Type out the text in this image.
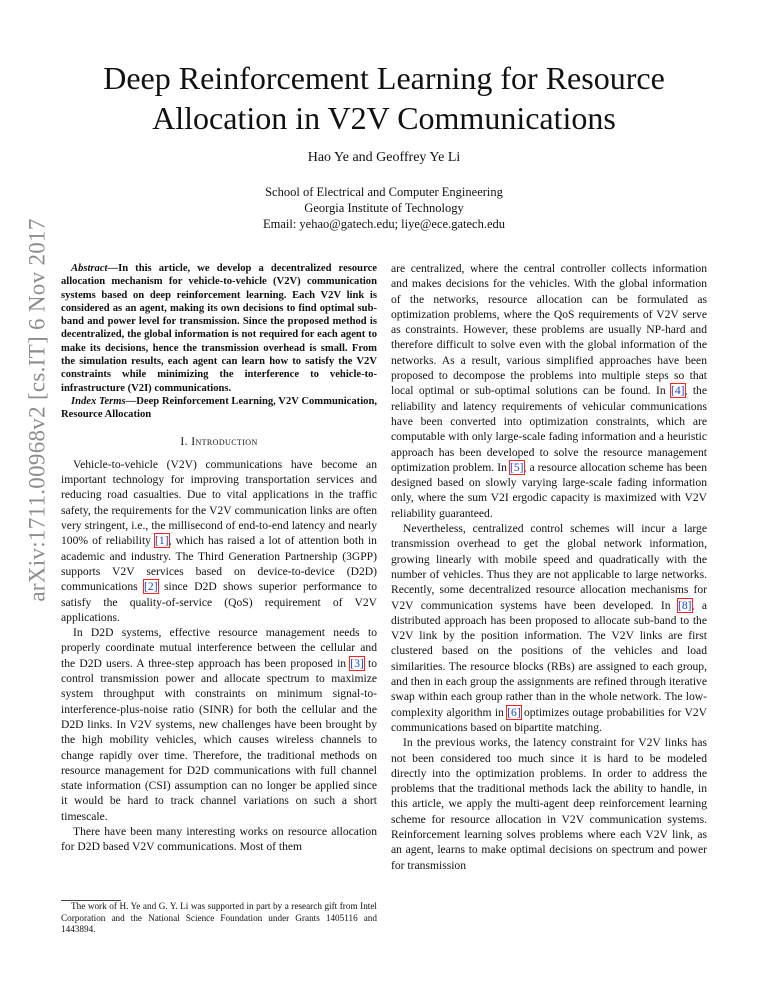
arXiv:1711.00968v2 [cs.IT] 6 Nov 2017
Deep Reinforcement Learning for Resource
Allocation in V2V Communications
Hao Ye and Geoffrey Ye Li
School of Electrical and Computer Engineering
Georgia Institute of Technology
Email: yehao@gatech.edu; liye@ece.gatech.edu

Abstract—In this article, we develop a decentralized resource allocation mechanism for vehicle-to-vehicle (V2V) communication systems based on deep reinforcement learning. Each V2V link is considered as an agent, making its own decisions to find optimal sub-band and power level for transmission. Since the proposed method is decentralized, the global information is not required for each agent to make its decisions, hence the transmission overhead is small. From the simulation results, each agent can learn how to satisfy the V2V constraints while minimizing the interference to vehicle-to-infrastructure (V2I) communications.

Index Terms—Deep Reinforcement Learning, V2V Communication, Resource Allocation

I. Introduction

Vehicle-to-vehicle (V2V) communications have become an important technology for improving transportation services and reducing road casualties. Due to vital applications in the traffic safety, the requirements for the V2V communication links are often very stringent, i.e., the millisecond of end-to-end latency and nearly 100% of reliability [1], which has raised a lot of attention both in academic and industry. The Third Generation Partnership (3GPP) supports V2V services based on device-to-device (D2D) communications [2] since D2D shows superior performance to satisfy the quality-of-service (QoS) requirement of V2V applications.

In D2D systems, effective resource management needs to properly coordinate mutual interference between the cellular and the D2D users. A three-step approach has been proposed in [3] to control transmission power and allocate spectrum to maximize system throughput with constraints on minimum signal-to-interference-plus-noise ratio (SINR) for both the cellular and the D2D links. In V2V systems, new challenges have been brought by the high mobility vehicles, which causes wireless channels to change rapidly over time. Therefore, the traditional methods on resource management for D2D communications with full channel state information (CSI) assumption can no longer be applied since it would be hard to track channel variations on such a short timescale.

There have been many interesting works on resource allocation for D2D based V2V communications. Most of them

The work of H. Ye and G. Y. Li was supported in part by a research gift from Intel Corporation and the National Science Foundation under Grants 1405116 and 1443894.

are centralized, where the central controller collects information and makes decisions for the vehicles. With the global information of the networks, resource allocation can be formulated as optimization problems, where the QoS requirements of V2V serve as constraints. However, these problems are usually NP-hard and therefore difficult to solve even with the global information of the networks. As a result, various simplified approaches have been proposed to decompose the problems into multiple steps so that local optimal or sub-optimal solutions can be found. In [4], the reliability and latency requirements of vehicular communications have been converted into optimization constraints, which are computable with only large-scale fading information and a heuristic approach has been developed to solve the resource management optimization problem. In [5], a resource allocation scheme has been designed based on slowly varying large-scale fading information only, where the sum V2I ergodic capacity is maximized with V2V reliability guaranteed.

Nevertheless, centralized control schemes will incur a large transmission overhead to get the global network information, growing linearly with mobile speed and quadratically with the number of vehicles. Thus they are not applicable to large networks. Recently, some decentralized resource allocation mechanisms for V2V communication systems have been developed. In [8], a distributed approach has been proposed to allocate sub-band to the V2V link by the position information. The V2V links are first clustered based on the positions of the vehicles and load similarities. The resource blocks (RBs) are assigned to each group, and then in each group the assignments are refined through iterative swap within each group rather than in the whole network. The low-complexity algorithm in [6] optimizes outage probabilities for V2V communications based on bipartite matching.

In the previous works, the latency constraint for V2V links has not been considered too much since it is hard to be modeled directly into the optimization problems. In order to address the problems that the traditional methods lack the ability to handle, in this article, we apply the multi-agent deep reinforcement learning scheme for resource allocation in V2V communication systems. Reinforcement learning solves problems where each V2V link, as an agent, learns to make optimal decisions on spectrum and power for transmission
